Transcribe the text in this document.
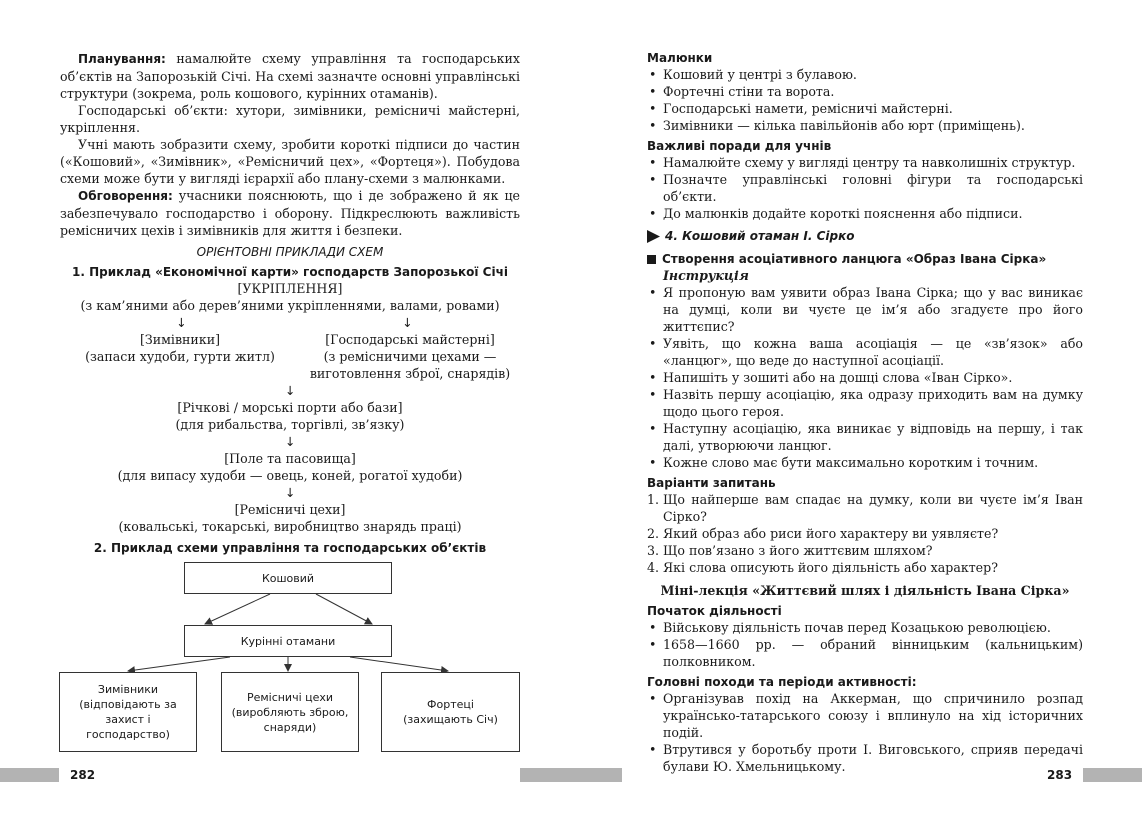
Планування: намалюйте схему управління та господарських об’єктів на Запорозькій Січі. На схемі зазначте основні управлінські структури (зокрема, роль кошового, курінних отаманів).

Господарські об’єкти: хутори, зимівники, ремісничі майстерні, укріплення.

Учні мають зобразити схему, зробити короткі підписи до частин («Кошовий», «Зимівник», «Ремісничий цех», «Фортеця»). Побудова схеми може бути у вигляді ієрархії або плану-схеми з малюнками.

Обговорення: учасники пояснюють, що і де зображено й як це забезпечувало господарство і оборону. Підкреслюють важливість ремісничих цехів і зимівників для життя і безпеки.

ОРІЄНТОВНІ ПРИКЛАДИ СХЕМ
1. Приклад «Економічної карти» господарств Запорозької Січі
[УКРІПЛЕННЯ]
(з кам’яними або дерев’яними укріпленнями, валами, ровами)
↓	↓
[Зимівники]
(запаси худоби, гурти житл)
[Господарські майстерні]
(з ремісничими цехами —
виготовлення зброї, снарядів)
↓
[Річкові / морські порти або бази]
(для рибальства, торгівлі, зв’язку)
↓
[Поле та пасовища]
(для випасу худоби — овець, коней, рогатої худоби)
↓
[Ремісничі цехи]
(ковальські, токарські, виробництво знарядь праці)
2. Приклад схеми управління та господарських об’єктів
Кошовий
Курінні отамани
Зимівники (відповідають за захист і господарство)
Ремісничі цехи (виробляють зброю, снаряди)
Фортеці (захищають Січ)
282
Малюнки
• Кошовий у центрі з булавою.
• Фортечні стіни та ворота.
• Господарські намети, ремісничі майстерні.
• Зимівники — кілька павільйонів або юрт (приміщень).
Важливі поради для учнів
• Намалюйте схему у вигляді центру та навколишніх структур.
• Позначте управлінські головні фігури та господарські об’єкти.
• До малюнків додайте короткі пояснення або підписи.
4. Кошовий отаман І. Сірко
Створення асоціативного ланцюга «Образ Івана Сірка»
Інструкція
• Я пропоную вам уявити образ Івана Сірка; що у вас виникає на думці, коли ви чуєте це ім’я або згадуєте про його життєпис?
• Уявіть, що кожна ваша асоціація — це «зв’язок» або «ланцюг», що веде до наступної асоціації.
• Напишіть у зошиті або на дошці слова «Іван Сірко».
• Назвіть першу асоціацію, яка одразу приходить вам на думку щодо цього героя.
• Наступну асоціацію, яка виникає у відповідь на першу, і так далі, утворюючи ланцюг.
• Кожне слово має бути максимально коротким і точним.
Варіанти запитань
1. Що найперше вам спадає на думку, коли ви чуєте ім’я Іван Сірко?
2. Який образ або риси його характеру ви уявляєте?
3. Що пов’язано з його життєвим шляхом?
4. Які слова описують його діяльність або характер?
Міні-лекція «Життєвий шлях і діяльність Івана Сірка»
Початок діяльності
• Військову діяльність почав перед Козацькою революцією.
• 1658—1660 рр. — обраний вінницьким (кальницьким) полковником.
Головні походи та періоди активності:
• Організував похід на Аккерман, що спричинило розпад українсько-татарського союзу і вплинуло на хід історичних подій.
• Втрутився у боротьбу проти І. Виговського, сприяв передачі булави Ю. Хмельницькому.
283
